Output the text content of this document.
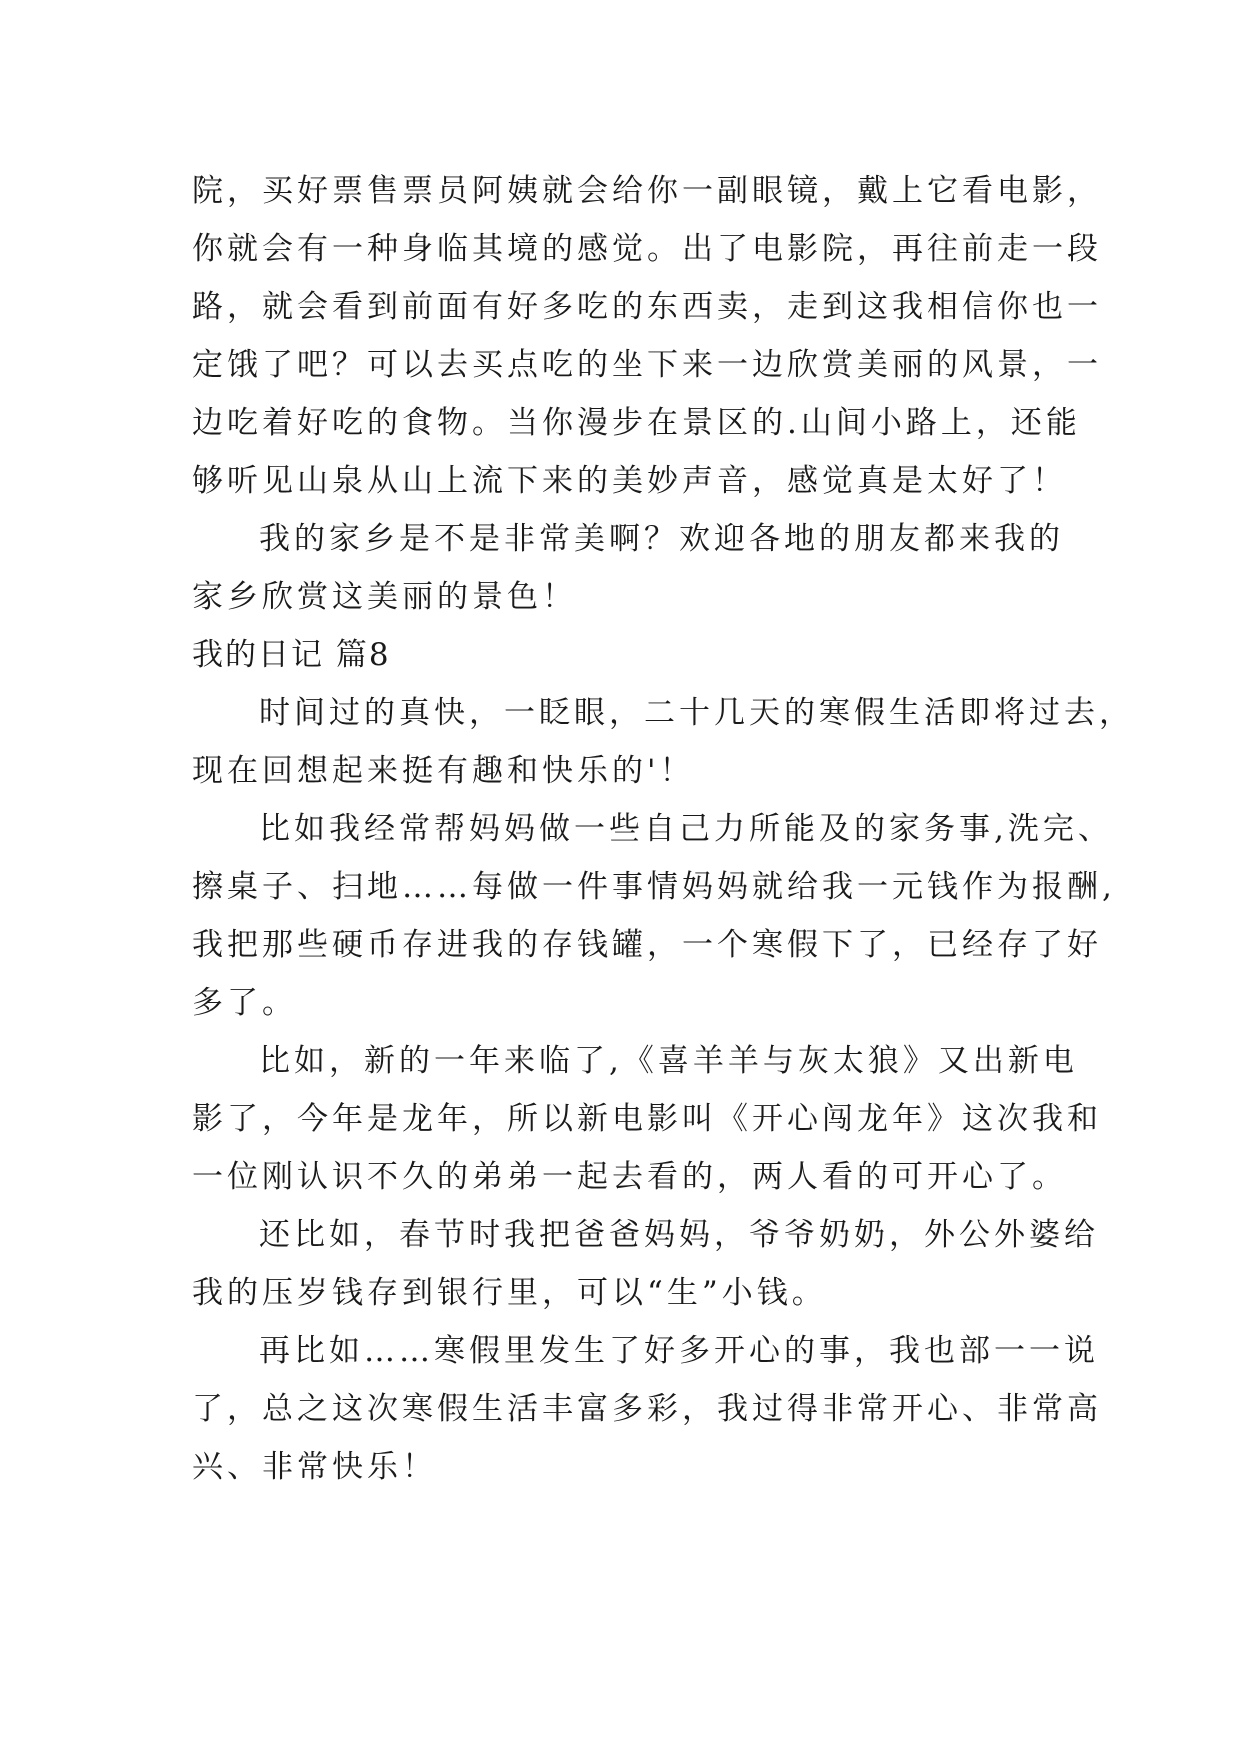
院，买好票售票员阿姨就会给你一副眼镜，戴上它看电影，
你就会有一种身临其境的感觉。出了电影院，再往前走一段
路，就会看到前面有好多吃的东西卖，走到这我相信你也一
定饿了吧？可以去买点吃的坐下来一边欣赏美丽的风景，一
边吃着好吃的食物。当你漫步在景区的.山间小路上，还能
够听见山泉从山上流下来的美妙声音，感觉真是太好了！
我的家乡是不是非常美啊？欢迎各地的朋友都来我的
家乡欣赏这美丽的景色！
我的日记 篇8
时间过的真快，一眨眼，二十几天的寒假生活即将过去，
现在回想起来挺有趣和快乐的'！
比如我经常帮妈妈做一些自己力所能及的家务事,洗完、
擦桌子、扫地……每做一件事情妈妈就给我一元钱作为报酬,
我把那些硬币存进我的存钱罐，一个寒假下了，已经存了好
多了。
比如，新的一年来临了,《喜羊羊与灰太狼》又出新电
影了，今年是龙年，所以新电影叫《开心闯龙年》这次我和
一位刚认识不久的弟弟一起去看的，两人看的可开心了。
还比如，春节时我把爸爸妈妈，爷爷奶奶，外公外婆给
我的压岁钱存到银行里，可以“生”小钱。
再比如……寒假里发生了好多开心的事，我也部一一说
了，总之这次寒假生活丰富多彩，我过得非常开心、非常高
兴、非常快乐！
